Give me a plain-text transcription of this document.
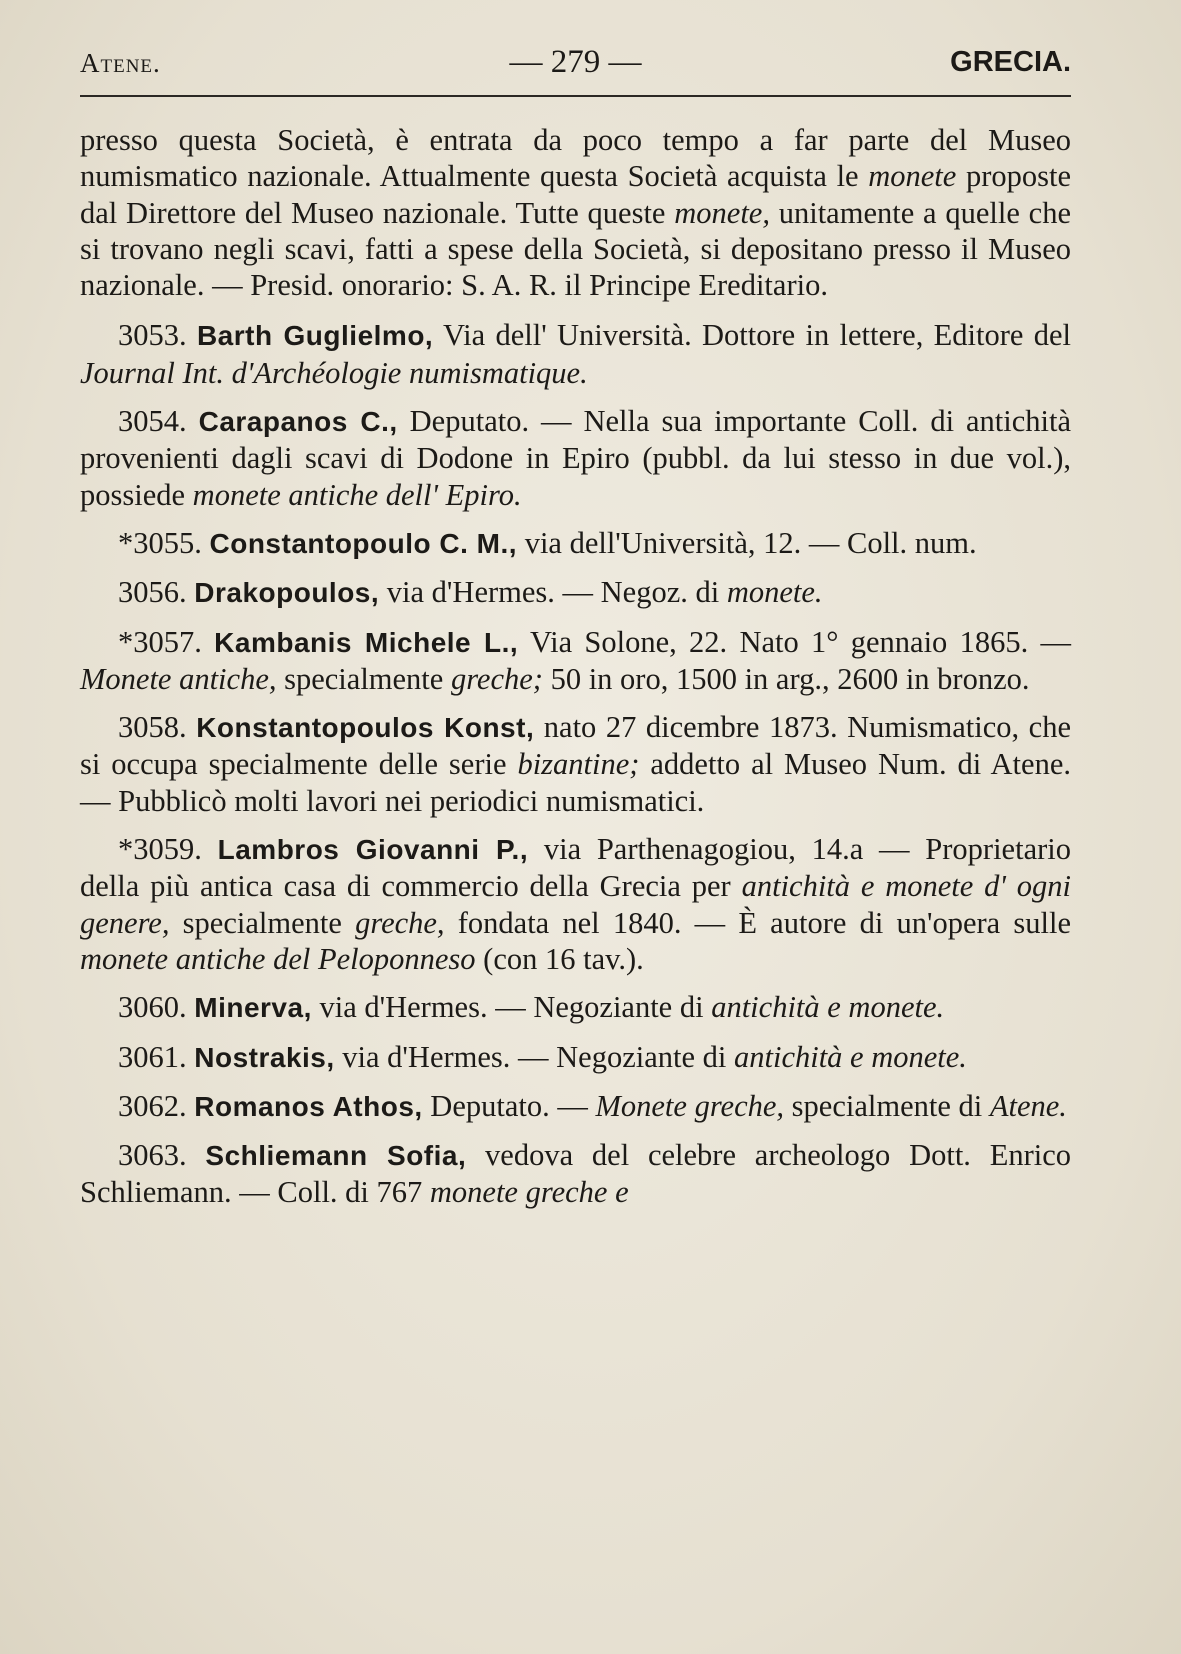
Atene.	— 279 —	GRECIA.

presso questa Società, è entrata da poco tempo a far parte del Museo numismatico nazionale. Attualmente questa Società acquista le monete proposte dal Direttore del Museo nazionale. Tutte queste monete, unitamente a quelle che si trovano negli scavi, fatti a spese della Società, si depositano presso il Museo nazionale. — Presid. onorario: S. A. R. il Principe Ereditario.

3053. Barth Guglielmo, Via dell' Università. Dottore in lettere, Editore del Journal Int. d'Archéologie numismatique.

3054. Carapanos C., Deputato. — Nella sua importante Coll. di antichità provenienti dagli scavi di Dodone in Epiro (pubbl. da lui stesso in due vol.), possiede monete antiche dell' Epiro.

*3055. Constantopoulo C. M., via dell'Università, 12. — Coll. num.

3056. Drakopoulos, via d'Hermes. — Negoz. di monete.

*3057. Kambanis Michele L., Via Solone, 22. Nato 1° gennaio 1865. — Monete antiche, specialmente greche; 50 in oro, 1500 in arg., 2600 in bronzo.

3058. Konstantopoulos Konst, nato 27 dicembre 1873. Numismatico, che si occupa specialmente delle serie bizantine; addetto al Museo Num. di Atene. — Pubblicò molti lavori nei periodici numismatici.

*3059. Lambros Giovanni P., via Parthenagogiou, 14.a — Proprietario della più antica casa di commercio della Grecia per antichità e monete d' ogni genere, specialmente greche, fondata nel 1840. — È autore di un'opera sulle monete antiche del Peloponneso (con 16 tav.).

3060. Minerva, via d'Hermes. — Negoziante di antichità e monete.

3061. Nostrakis, via d'Hermes. — Negoziante di antichità e monete.

3062. Romanos Athos, Deputato. — Monete greche, specialmente di Atene.

3063. Schliemann Sofia, vedova del celebre archeologo Dott. Enrico Schliemann. — Coll. di 767 monete greche e
